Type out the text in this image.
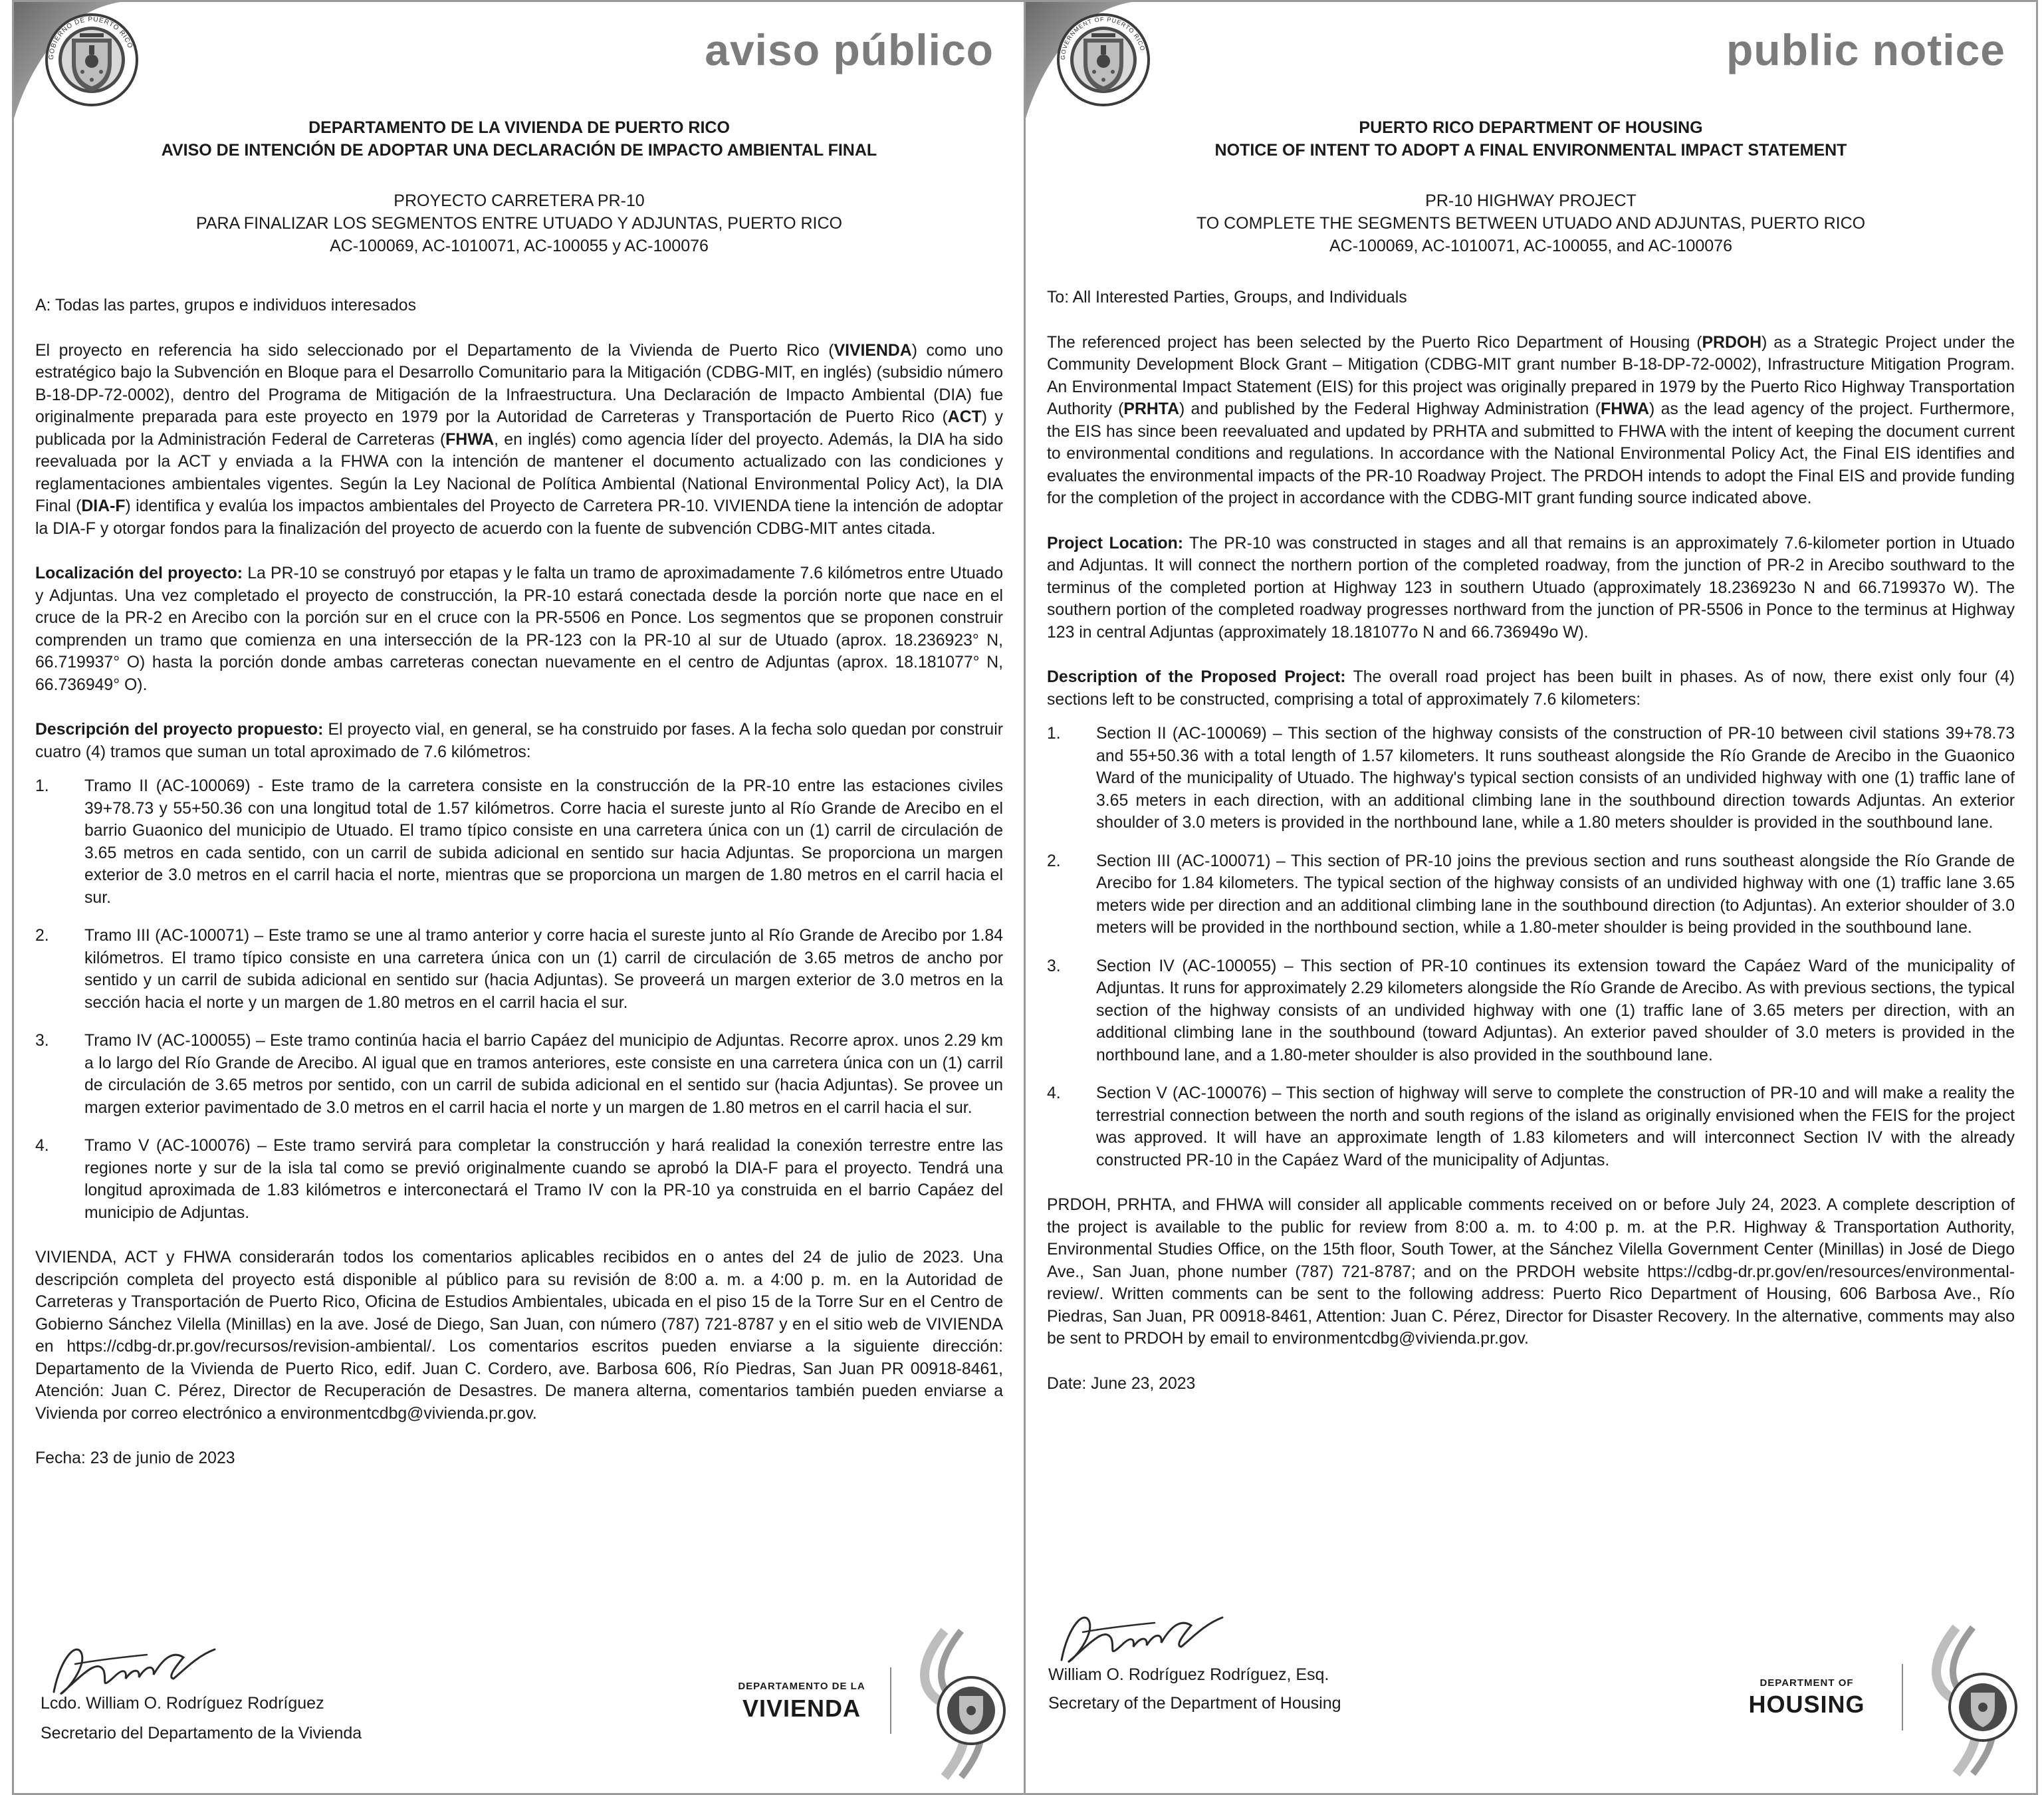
GOBIERNO DE PUERTO RICO	aviso público
DEPARTAMENTO DE LA VIVIENDA DE PUERTO RICO
AVISO DE INTENCIÓN DE ADOPTAR UNA DECLARACIÓN DE IMPACTO AMBIENTAL FINAL
PROYECTO CARRETERA PR-10
PARA FINALIZAR LOS SEGMENTOS ENTRE UTUADO Y ADJUNTAS, PUERTO RICO
AC-100069, AC-1010071, AC-100055 y AC-100076

A: Todas las partes, grupos e individuos interesados

El proyecto en referencia ha sido seleccionado por el Departamento de la Vivienda de Puerto Rico (VIVIENDA) como uno estratégico bajo la Subvención en Bloque para el Desarrollo Comunitario para la Mitigación (CDBG-MIT, en inglés) (subsidio número B-18-DP-72-0002), dentro del Programa de Mitigación de la Infraestructura. Una Declaración de Impacto Ambiental (DIA) fue originalmente preparada para este proyecto en 1979 por la Autoridad de Carreteras y Transportación de Puerto Rico (ACT) y publicada por la Administración Federal de Carreteras (FHWA, en inglés) como agencia líder del proyecto. Además, la DIA ha sido reevaluada por la ACT y enviada a la FHWA con la intención de mantener el documento actualizado con las condiciones y reglamentaciones ambientales vigentes. Según la Ley Nacional de Política Ambiental (National Environmental Policy Act), la DIA Final (DIA-F) identifica y evalúa los impactos ambientales del Proyecto de Carretera PR-10. VIVIENDA tiene la intención de adoptar la DIA-F y otorgar fondos para la finalización del proyecto de acuerdo con la fuente de subvención CDBG-MIT antes citada.

Localización del proyecto: La PR-10 se construyó por etapas y le falta un tramo de aproximadamente 7.6 kilómetros entre Utuado y Adjuntas. Una vez completado el proyecto de construcción, la PR-10 estará conectada desde la porción norte que nace en el cruce de la PR-2 en Arecibo con la porción sur en el cruce con la PR-5506 en Ponce. Los segmentos que se proponen construir comprenden un tramo que comienza en una intersección de la PR-123 con la PR-10 al sur de Utuado (aprox. 18.236923° N, 66.719937° O) hasta la porción donde ambas carreteras conectan nuevamente en el centro de Adjuntas (aprox. 18.181077° N, 66.736949° O).

Descripción del proyecto propuesto: El proyecto vial, en general, se ha construido por fases. A la fecha solo quedan por construir cuatro (4) tramos que suman un total aproximado de 7.6 kilómetros:

1. Tramo II (AC-100069) - Este tramo de la carretera consiste en la construcción de la PR-10 entre las estaciones civiles 39+78.73 y 55+50.36 con una longitud total de 1.57 kilómetros. Corre hacia el sureste junto al Río Grande de Arecibo en el barrio Guaonico del municipio de Utuado. El tramo típico consiste en una carretera única con un (1) carril de circulación de 3.65 metros en cada sentido, con un carril de subida adicional en sentido sur hacia Adjuntas. Se proporciona un margen exterior de 3.0 metros en el carril hacia el norte, mientras que se proporciona un margen de 1.80 metros en el carril hacia el sur.
2. Tramo III (AC-100071) – Este tramo se une al tramo anterior y corre hacia el sureste junto al Río Grande de Arecibo por 1.84 kilómetros. El tramo típico consiste en una carretera única con un (1) carril de circulación de 3.65 metros de ancho por sentido y un carril de subida adicional en sentido sur (hacia Adjuntas). Se proveerá un margen exterior de 3.0 metros en la sección hacia el norte y un margen de 1.80 metros en el carril hacia el sur.
3. Tramo IV (AC-100055) – Este tramo continúa hacia el barrio Capáez del municipio de Adjuntas. Recorre aprox. unos 2.29 km a lo largo del Río Grande de Arecibo. Al igual que en tramos anteriores, este consiste en una carretera única con un (1) carril de circulación de 3.65 metros por sentido, con un carril de subida adicional en el sentido sur (hacia Adjuntas). Se provee un margen exterior pavimentado de 3.0 metros en el carril hacia el norte y un margen de 1.80 metros en el carril hacia el sur.
4. Tramo V (AC-100076) – Este tramo servirá para completar la construcción y hará realidad la conexión terrestre entre las regiones norte y sur de la isla tal como se previó originalmente cuando se aprobó la DIA-F para el proyecto. Tendrá una longitud aproximada de 1.83 kilómetros e interconectará el Tramo IV con la PR-10 ya construida en el barrio Capáez del municipio de Adjuntas.

VIVIENDA, ACT y FHWA considerarán todos los comentarios aplicables recibidos en o antes del 24 de julio de 2023. Una descripción completa del proyecto está disponible al público para su revisión de 8:00 a. m. a 4:00 p. m. en la Autoridad de Carreteras y Transportación de Puerto Rico, Oficina de Estudios Ambientales, ubicada en el piso 15 de la Torre Sur en el Centro de Gobierno Sánchez Vilella (Minillas) en la ave. José de Diego, San Juan, con número (787) 721-8787 y en el sitio web de VIVIENDA en https://cdbg-dr.pr.gov/recursos/revision-ambiental/. Los comentarios escritos pueden enviarse a la siguiente dirección: Departamento de la Vivienda de Puerto Rico, edif. Juan C. Cordero, ave. Barbosa 606, Río Piedras, San Juan PR 00918-8461, Atención: Juan C. Pérez, Director de Recuperación de Desastres. De manera alterna, comentarios también pueden enviarse a Vivienda por correo electrónico a environmentcdbg@vivienda.pr.gov.

Fecha: 23 de junio de 2023

Lcdo. William O. Rodríguez Rodríguez
Secretario del Departamento de la Vivienda
DEPARTAMENTO DE LA
VIVIENDA
GOVERNMENT OF PUERTO RICO	public notice
PUERTO RICO DEPARTMENT OF HOUSING
NOTICE OF INTENT TO ADOPT A FINAL ENVIRONMENTAL IMPACT STATEMENT
PR-10 HIGHWAY PROJECT
TO COMPLETE THE SEGMENTS BETWEEN UTUADO AND ADJUNTAS, PUERTO RICO
AC-100069, AC-1010071, AC-100055, and AC-100076

To: All Interested Parties, Groups, and Individuals

The referenced project has been selected by the Puerto Rico Department of Housing (PRDOH) as a Strategic Project under the Community Development Block Grant – Mitigation (CDBG-MIT grant number B-18-DP-72-0002), Infrastructure Mitigation Program. An Environmental Impact Statement (EIS) for this project was originally prepared in 1979 by the Puerto Rico Highway Transportation Authority (PRHTA) and published by the Federal Highway Administration (FHWA) as the lead agency of the project. Furthermore, the EIS has since been reevaluated and updated by PRHTA and submitted to FHWA with the intent of keeping the document current to environmental conditions and regulations. In accordance with the National Environmental Policy Act, the Final EIS identifies and evaluates the environmental impacts of the PR-10 Roadway Project. The PRDOH intends to adopt the Final EIS and provide funding for the completion of the project in accordance with the CDBG-MIT grant funding source indicated above.

Project Location: The PR-10 was constructed in stages and all that remains is an approximately 7.6-kilometer portion in Utuado and Adjuntas. It will connect the northern portion of the completed roadway, from the junction of PR-2 in Arecibo southward to the terminus of the completed portion at Highway 123 in southern Utuado (approximately 18.236923o N and 66.719937o W). The southern portion of the completed roadway progresses northward from the junction of PR-5506 in Ponce to the terminus at Highway 123 in central Adjuntas (approximately 18.181077o N and 66.736949o W).

Description of the Proposed Project: The overall road project has been built in phases. As of now, there exist only four (4) sections left to be constructed, comprising a total of approximately 7.6 kilometers:

1. Section II (AC-100069) – This section of the highway consists of the construction of PR-10 between civil stations 39+78.73 and 55+50.36 with a total length of 1.57 kilometers. It runs southeast alongside the Río Grande de Arecibo in the Guaonico Ward of the municipality of Utuado. The highway's typical section consists of an undivided highway with one (1) traffic lane of 3.65 meters in each direction, with an additional climbing lane in the southbound direction towards Adjuntas. An exterior shoulder of 3.0 meters is provided in the northbound lane, while a 1.80 meters shoulder is provided in the southbound lane.
2. Section III (AC-100071) – This section of PR-10 joins the previous section and runs southeast alongside the Río Grande de Arecibo for 1.84 kilometers. The typical section of the highway consists of an undivided highway with one (1) traffic lane 3.65 meters wide per direction and an additional climbing lane in the southbound direction (to Adjuntas). An exterior shoulder of 3.0 meters will be provided in the northbound section, while a 1.80-meter shoulder is being provided in the southbound lane.
3. Section IV (AC-100055) – This section of PR-10 continues its extension toward the Capáez Ward of the municipality of Adjuntas. It runs for approximately 2.29 kilometers alongside the Río Grande de Arecibo. As with previous sections, the typical section of the highway consists of an undivided highway with one (1) traffic lane of 3.65 meters per direction, with an additional climbing lane in the southbound (toward Adjuntas). An exterior paved shoulder of 3.0 meters is provided in the northbound lane, and a 1.80-meter shoulder is also provided in the southbound lane.
4. Section V (AC-100076) – This section of highway will serve to complete the construction of PR-10 and will make a reality the terrestrial connection between the north and south regions of the island as originally envisioned when the FEIS for the project was approved. It will have an approximate length of 1.83 kilometers and will interconnect Section IV with the already constructed PR-10 in the Capáez Ward of the municipality of Adjuntas.

PRDOH, PRHTA, and FHWA will consider all applicable comments received on or before July 24, 2023. A complete description of the project is available to the public for review from 8:00 a. m. to 4:00 p. m. at the P.R. Highway & Transportation Authority, Environmental Studies Office, on the 15th floor, South Tower, at the Sánchez Vilella Government Center (Minillas) in José de Diego Ave., San Juan, phone number (787) 721-8787; and on the PRDOH website https://cdbg-dr.pr.gov/en/resources/environmental-review/. Written comments can be sent to the following address: Puerto Rico Department of Housing, 606 Barbosa Ave., Río Piedras, San Juan, PR 00918-8461, Attention: Juan C. Pérez, Director for Disaster Recovery. In the alternative, comments may also be sent to PRDOH by email to environmentcdbg@vivienda.pr.gov.

Date: June 23, 2023

William O. Rodríguez Rodríguez, Esq.
Secretary of the Department of Housing
DEPARTMENT OF
HOUSING
